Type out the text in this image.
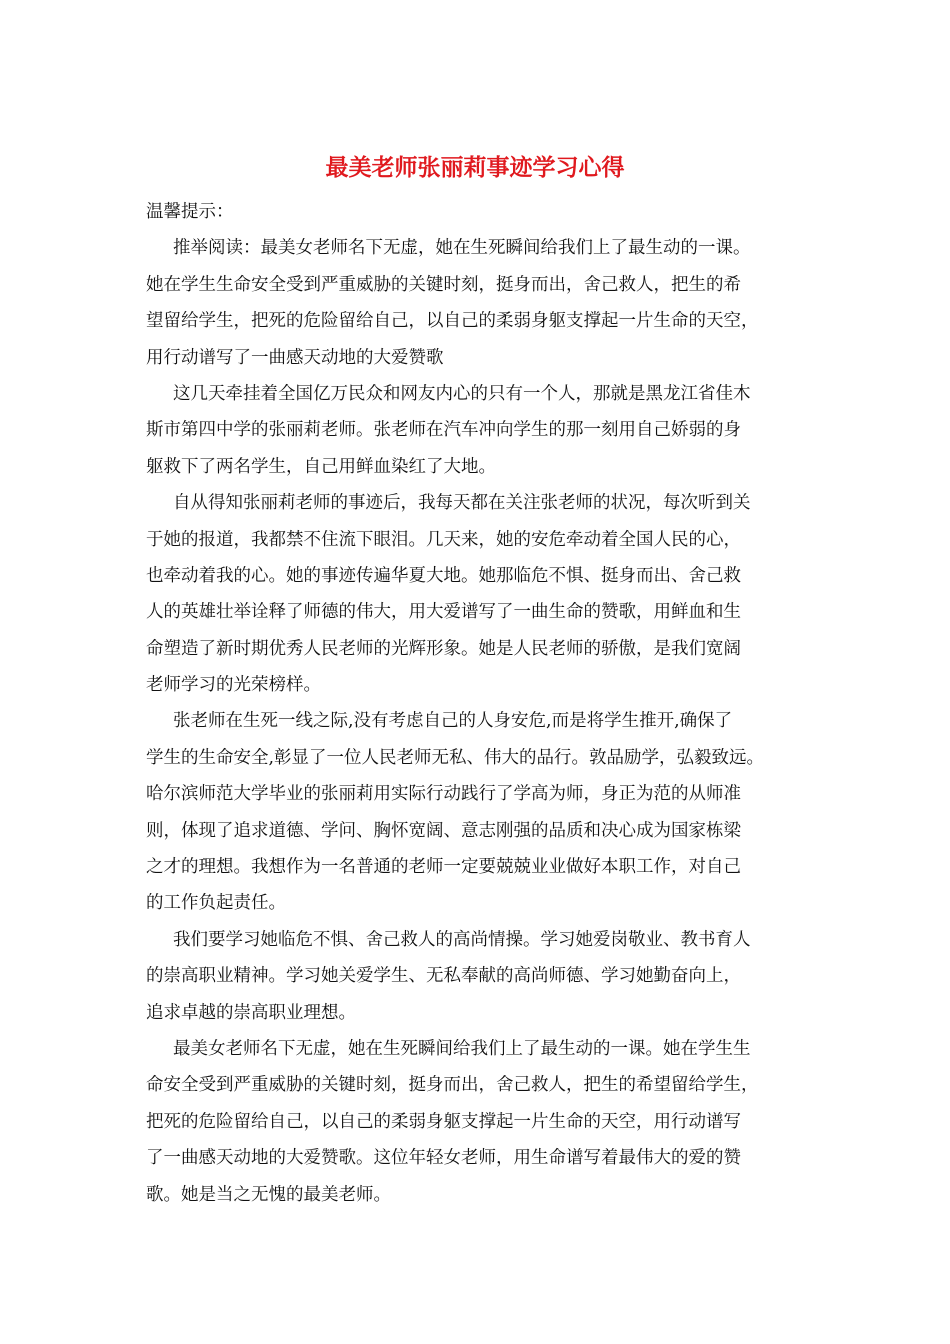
最美老师张丽莉事迹学习心得

温馨提示：

推举阅读：最美女老师名下无虚，她在生死瞬间给我们上了最生动的一课。
她在学生生命安全受到严重威胁的关键时刻，挺身而出，舍己救人，把生的希
望留给学生，把死的危险留给自己，以自己的柔弱身躯支撑起一片生命的天空，
用行动谱写了一曲感天动地的大爱赞歌

这几天牵挂着全国亿万民众和网友内心的只有一个人，那就是黑龙江省佳木
斯市第四中学的张丽莉老师。张老师在汽车冲向学生的那一刻用自己娇弱的身
躯救下了两名学生，自己用鲜血染红了大地。

自从得知张丽莉老师的事迹后，我每天都在关注张老师的状况，每次听到关
于她的报道，我都禁不住流下眼泪。几天来，她的安危牵动着全国人民的心，
也牵动着我的心。她的事迹传遍华夏大地。她那临危不惧、挺身而出、舍己救
人的英雄壮举诠释了师德的伟大，用大爱谱写了一曲生命的赞歌，用鲜血和生
命塑造了新时期优秀人民老师的光辉形象。她是人民老师的骄傲，是我们宽阔
老师学习的光荣榜样。

张老师在生死一线之际,没有考虑自己的人身安危,而是将学生推开,确保了
学生的生命安全,彰显了一位人民老师无私、伟大的品行。敦品励学，弘毅致远。
哈尔滨师范大学毕业的张丽莉用实际行动践行了学高为师，身正为范的从师准
则，体现了追求道德、学问、胸怀宽阔、意志刚强的品质和决心成为国家栋梁
之才的理想。我想作为一名普通的老师一定要兢兢业业做好本职工作，对自己
的工作负起责任。

我们要学习她临危不惧、舍己救人的高尚情操。学习她爱岗敬业、教书育人
的崇高职业精神。学习她关爱学生、无私奉献的高尚师德、学习她勤奋向上，
追求卓越的崇高职业理想。

最美女老师名下无虚，她在生死瞬间给我们上了最生动的一课。她在学生生
命安全受到严重威胁的关键时刻，挺身而出，舍己救人，把生的希望留给学生，
把死的危险留给自己，以自己的柔弱身躯支撑起一片生命的天空，用行动谱写
了一曲感天动地的大爱赞歌。这位年轻女老师，用生命谱写着最伟大的爱的赞
歌。她是当之无愧的最美老师。
